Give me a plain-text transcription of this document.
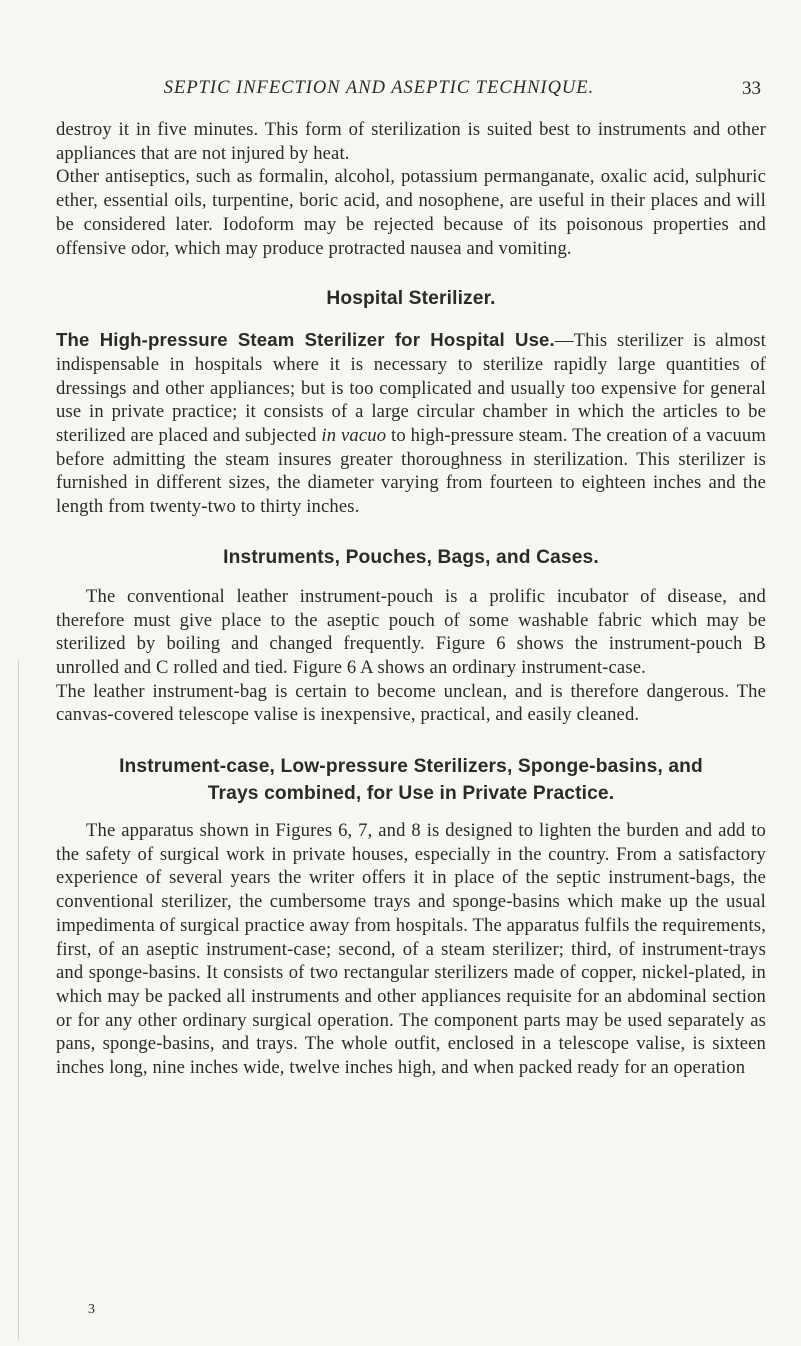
SEPTIC INFECTION AND ASEPTIC TECHNIQUE.	33

destroy it in five minutes. This form of sterilization is suited best to instruments and other appliances that are not injured by heat.

Other antiseptics, such as formalin, alcohol, potassium permanganate, oxalic acid, sulphuric ether, essential oils, turpentine, boric acid, and nosophene, are useful in their places and will be considered later. Iodoform may be rejected because of its poisonous properties and offensive odor, which may produce protracted nausea and vomiting.

Hospital Sterilizer.

The High-pressure Steam Sterilizer for Hospital Use.—This sterilizer is almost indispensable in hospitals where it is necessary to sterilize rapidly large quantities of dressings and other appliances; but is too complicated and usually too expensive for general use in private practice; it consists of a large circular chamber in which the articles to be sterilized are placed and subjected in vacuo to high-pressure steam. The creation of a vacuum before admitting the steam insures greater thoroughness in sterilization. This sterilizer is furnished in different sizes, the diameter varying from fourteen to eighteen inches and the length from twenty-two to thirty inches.

Instruments, Pouches, Bags, and Cases.

The conventional leather instrument-pouch is a prolific incubator of disease, and therefore must give place to the aseptic pouch of some washable fabric which may be sterilized by boiling and changed frequently. Figure 6 shows the instrument-pouch B unrolled and C rolled and tied. Figure 6 A shows an ordinary instrument-case.

The leather instrument-bag is certain to become unclean, and is therefore dangerous. The canvas-covered telescope valise is inexpensive, practical, and easily cleaned.

Instrument-case, Low-pressure Sterilizers, Sponge-basins, and
Trays combined, for Use in Private Practice.

The apparatus shown in Figures 6, 7, and 8 is designed to lighten the burden and add to the safety of surgical work in private houses, especially in the country. From a satisfactory experience of several years the writer offers it in place of the septic instrument-bags, the conventional sterilizer, the cumbersome trays and sponge-basins which make up the usual impedimenta of surgical practice away from hospitals. The apparatus fulfils the requirements, first, of an aseptic instrument-case; second, of a steam sterilizer; third, of instrument-trays and sponge-basins. It consists of two rectangular sterilizers made of copper, nickel-plated, in which may be packed all instruments and other appliances requisite for an abdominal section or for any other ordinary surgical operation. The component parts may be used separately as pans, sponge-basins, and trays. The whole outfit, enclosed in a telescope valise, is sixteen inches long, nine inches wide, twelve inches high, and when packed ready for an operation

3
